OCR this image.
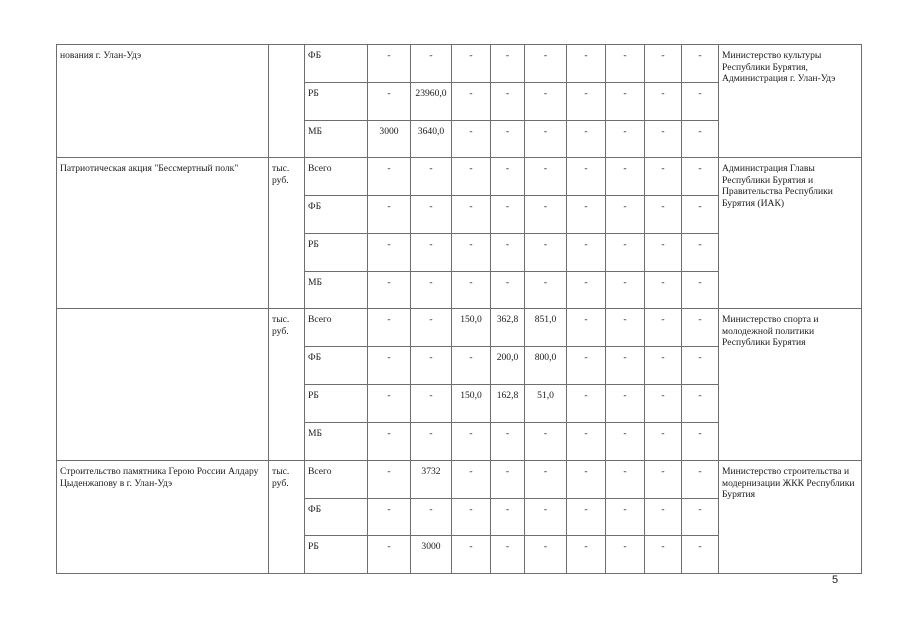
нования г. Улан-Удэ		ФБ	-	-	-	-	-	-	-	-	-	Министерство культуры Республики Бурятия, Администрация г. Улан-Удэ
		РБ	-	23960,0	-	-	-	-	-	-	-	
		МБ	3000	3640,0	-	-	-	-	-	-	-	
Патриотическая акция "Бессмертный полк"	тыс. руб.	Всего	-	-	-	-	-	-	-	-	-	Администрация Главы Республики Бурятия и Правительства Республики Бурятия (ИАК)
		ФБ	-	-	-	-	-	-	-	-	-	
		РБ	-	-	-	-	-	-	-	-	-	
		МБ	-	-	-	-	-	-	-	-	-	
	тыс. руб.	Всего	-	-	150,0	362,8	851,0	-	-	-	-	Министерство спорта и молодежной политики Республики Бурятия
		ФБ	-	-	-	200,0	800,0	-	-	-	-	
		РБ	-	-	150,0	162,8	51,0	-	-	-	-	
		МБ	-	-	-	-	-	-	-	-	-	
Строительство памятника Герою России Алдару Цыденжапову в г. Улан-Удэ	тыс. руб.	Всего	-	3732	-	-	-	-	-	-	-	Министерство строительства и модернизации ЖКК Республики Бурятия
		ФБ	-	-	-	-	-	-	-	-	-	
		РБ	-	3000	-	-	-	-	-	-	-	
5
